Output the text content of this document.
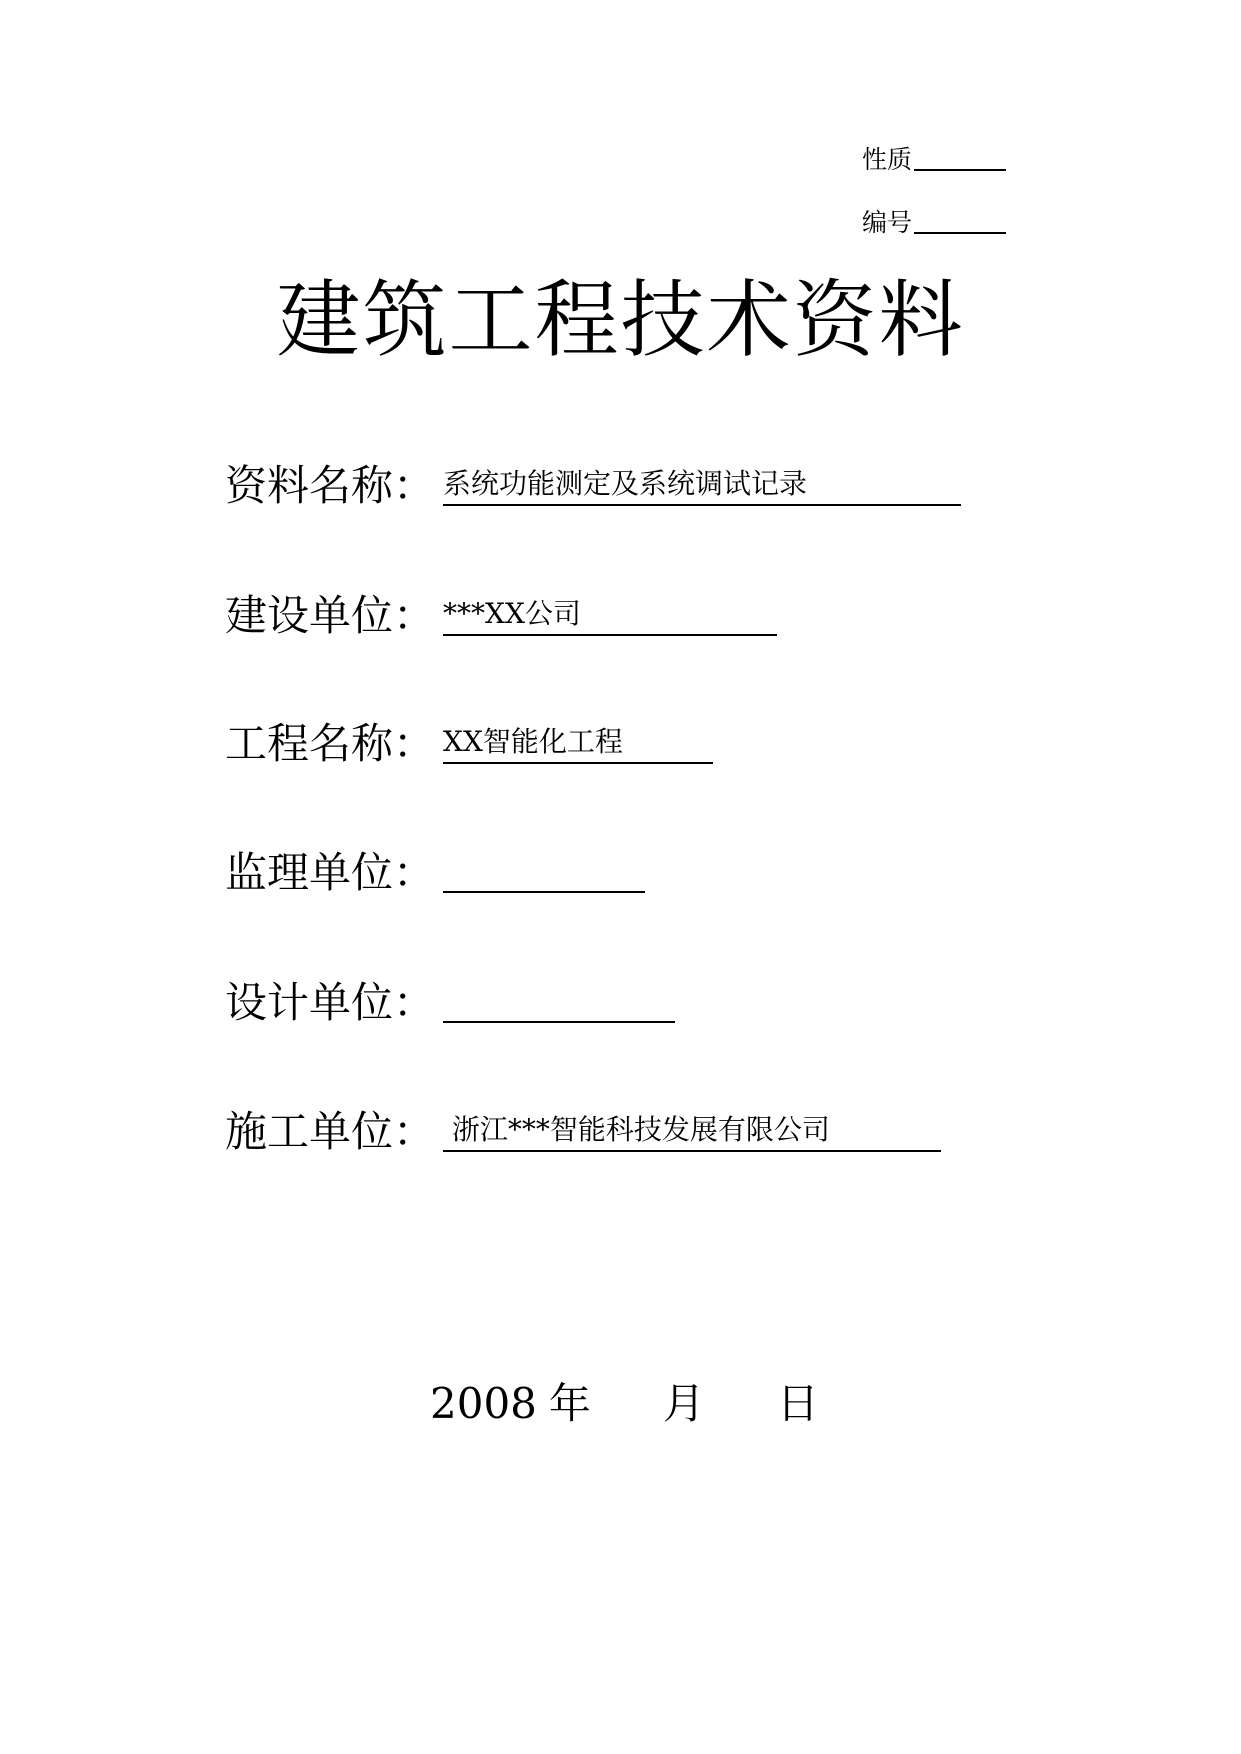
性质
编号
建筑工程技术资料
资料名称： 系统功能测定及系统调试记录
建设单位： ***XX公司
工程名称： XX智能化工程
监理单位：
设计单位：
施工单位： 浙江***智能科技发展有限公司
2008 年 月 日
